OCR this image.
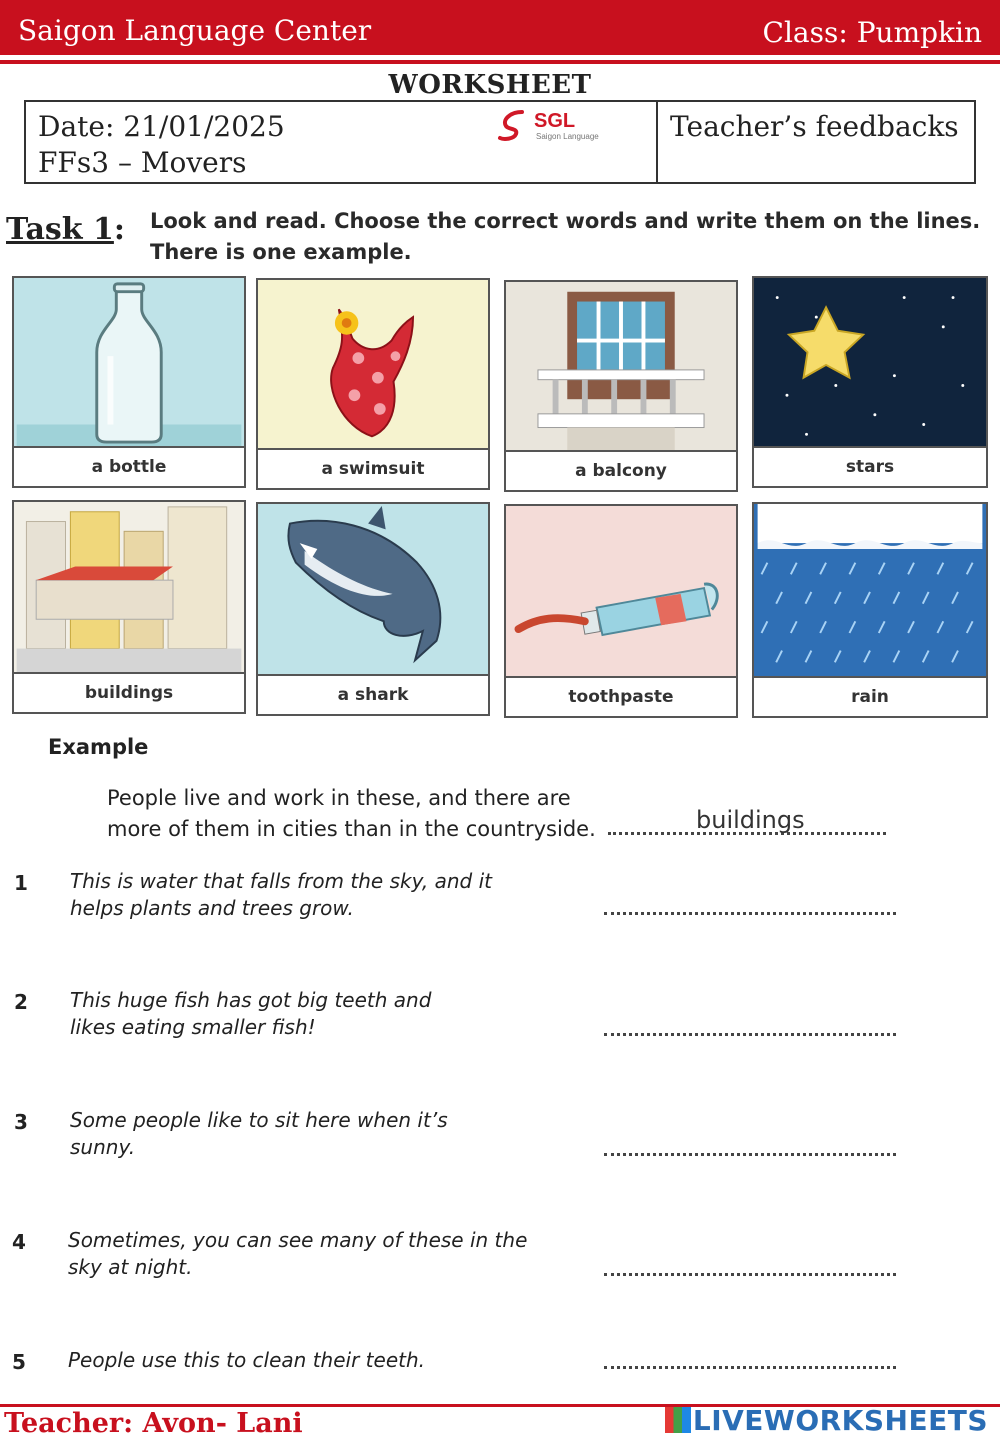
Saigon Language Center	Class: Pumpkin
WORKSHEET
Date: 21/01/2025
FFs3 – Movers
SGL
Saigon Language	Teacher’s feedbacks
Task 1: Look and read. Choose the correct words and write them on the lines. There is one example.
a bottle	a swimsuit	a balcony	stars
buildings	a shark	toothpaste	rain
Example
People live and work in these, and there are more of them in cities than in the countryside.	buildings
1 This is water that falls from the sky, and it helps plants and trees grow.
2 This huge fish has got big teeth and likes eating smaller fish!
3 Some people like to sit here when it’s sunny.
4 Sometimes, you can see many of these in the sky at night.
5 People use this to clean their teeth.
Teacher: Avon- Lani	LIVEWORKSHEETS
